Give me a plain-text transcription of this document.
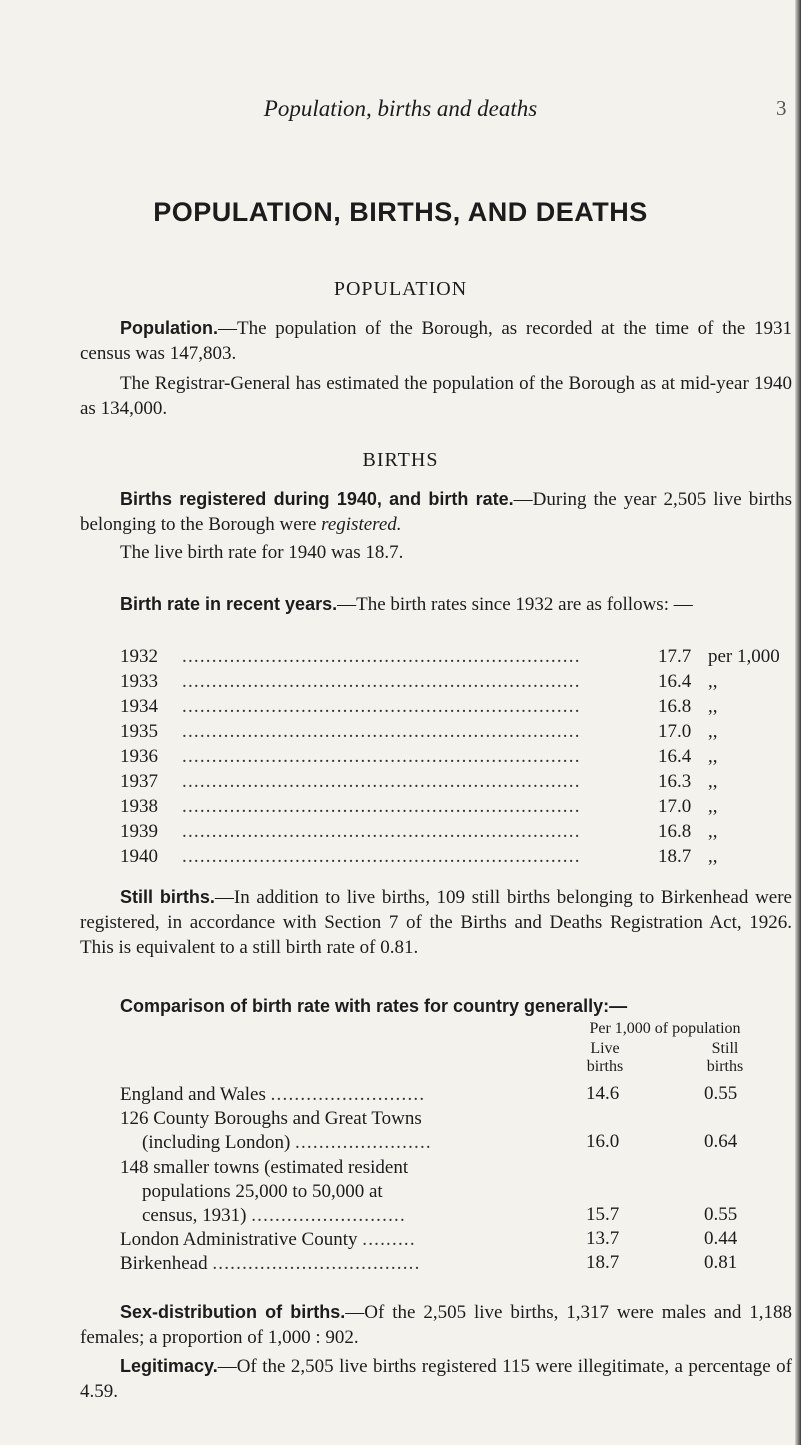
Population, births and deaths	3
POPULATION, BIRTHS, AND DEATHS
POPULATION
Population.—The population of the Borough, as recorded at the time of the 1931 census was 147,803.
The Registrar-General has estimated the population of the Borough as at mid-year 1940 as 134,000.
BIRTHS
Births registered during 1940, and birth rate.—During the year 2,505 live births belonging to the Borough were registered.
The live birth rate for 1940 was 18.7.
Birth rate in recent years.—The birth rates since 1932 are as follows: —
1932 ...................................................................	17.7 per 1,000
1933 ...................................................................	16.4 ,,
1934 ...................................................................	16.8 ,,
1935 ...................................................................	17.0 ,,
1936 ...................................................................	16.4 ,,
1937 ...................................................................	16.3 ,,
1938 ...................................................................	17.0 ,,
1939 ...................................................................	16.8 ,,
1940 ...................................................................	18.7 ,,
Still births.—In addition to live births, 109 still births belonging to Birkenhead were registered, in accordance with Section 7 of the Births and Deaths Registration Act, 1926. This is equivalent to a still birth rate of 0.81.
Comparison of birth rate with rates for country generally:—
Per 1,000 of population
Live
births
Still
births
England and Wales ..........................	14.6	0.55
126 County Boroughs and Great Towns
(including London) .......................	16.0	0.64
148 smaller towns (estimated resident
populations 25,000 to 50,000 at
census, 1931) ..........................	15.7	0.55
London Administrative County .........	13.7	0.44
Birkenhead ...................................	18.7	0.81
Sex-distribution of births.—Of the 2,505 live births, 1,317 were males and 1,188 females; a proportion of 1,000 : 902.
Legitimacy.—Of the 2,505 live births registered 115 were illegitimate, a percentage of 4.59.
